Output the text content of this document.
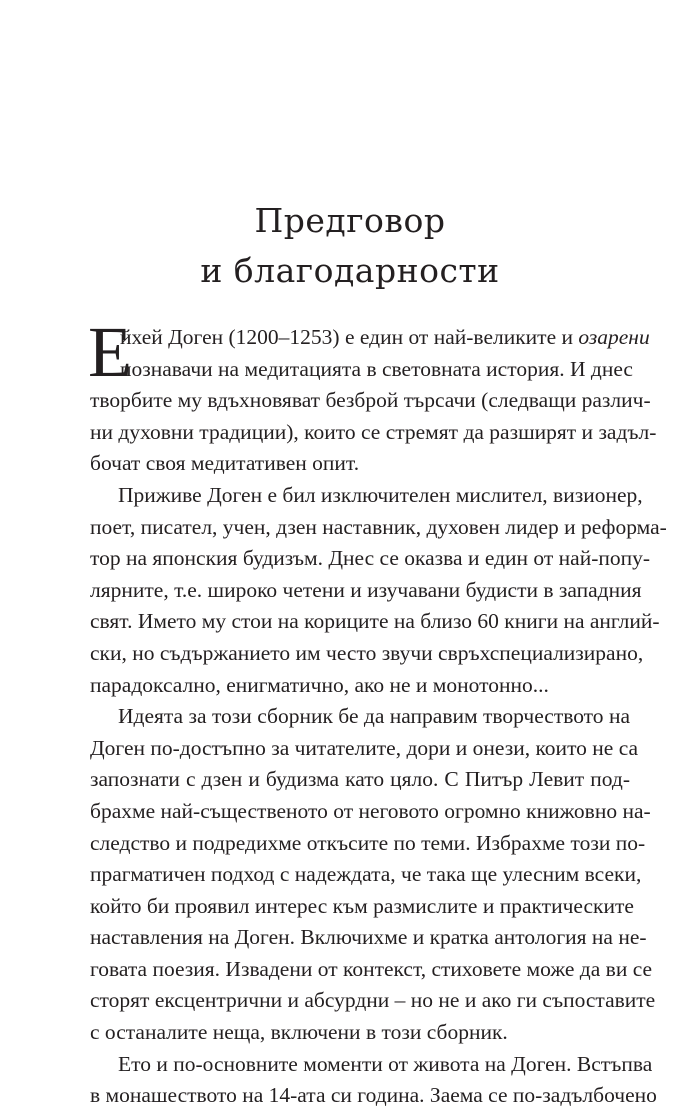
Предговор
и благодарности
Е
йхей Доген (1200–1253) е един от най-великите и озарени
познавачи на медитацията в световната история. И днес
творбите му вдъхновяват безброй търсачи (следващи различ-
ни духовни традиции), които се стремят да разширят и задъл-
бочат своя медитативен опит.
Приживе Доген е бил изключителен мислител, визионер,
поет, писател, учен, дзен наставник, духовен лидер и реформа-
тор на японския будизъм. Днес се оказва и един от най-попу-
лярните, т.е. широко четени и изучавани будисти в западния
свят. Името му стои на кориците на близо 60 книги на англий-
ски, но съдържанието им често звучи свръхспециализирано,
парадоксално, енигматично, ако не и монотонно...
Идеята за този сборник бе да направим творчеството на
Доген по-достъпно за читателите, дори и онези, които не са
запознати с дзен и будизма като цяло. С Питър Левит под-
брахме най-същественото от неговото огромно книжовно на-
следство и подредихме откъсите по теми. Избрахме този по-
прагматичен подход с надеждата, че така ще улесним всеки,
който би проявил интерес към размислите и практическите
наставления на Доген. Включихме и кратка антология на не-
говата поезия. Извадени от контекст, стиховете може да ви се
сторят ексцентрични и абсурдни – но не и ако ги съпоставите
с останалите неща, включени в този сборник.
Ето и по-основните моменти от живота на Доген. Встъпва
в монашеството на 14-ата си година. Заема се по-задълбочено
